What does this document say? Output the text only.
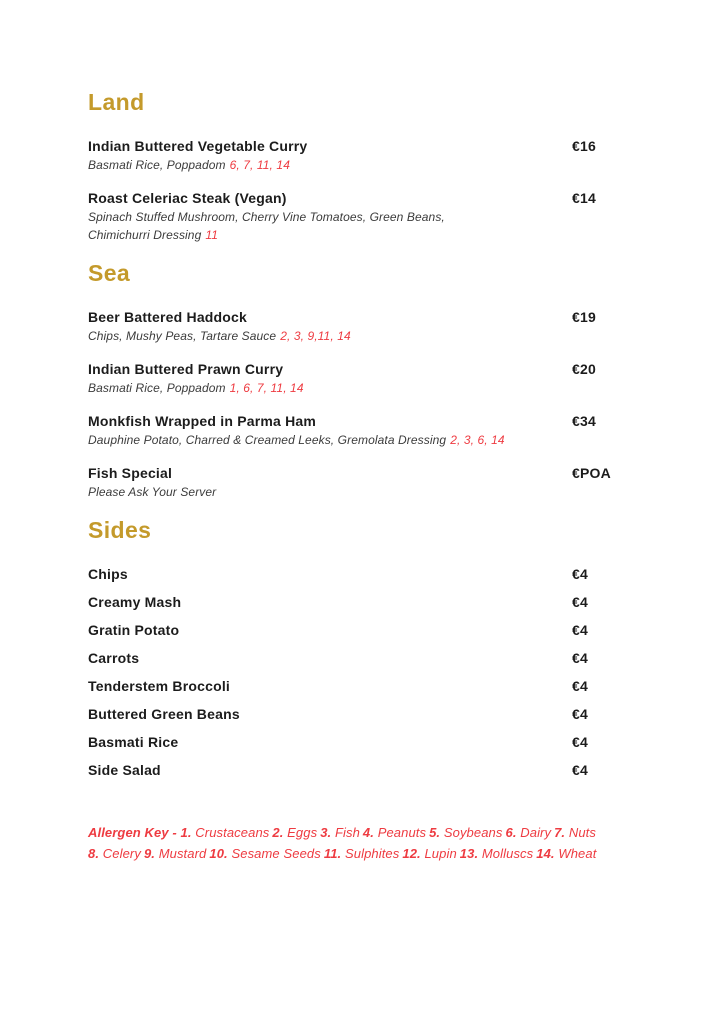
Land
Indian Buttered Vegetable Curry	€16
Basmati Rice, Poppadom 6, 7, 11, 14
Roast Celeriac Steak (Vegan)	€14
Spinach Stuffed Mushroom, Cherry Vine Tomatoes, Green Beans,
Chimichurri Dressing 11
Sea
Beer Battered Haddock	€19
Chips, Mushy Peas, Tartare Sauce 2, 3, 9,11, 14
Indian Buttered Prawn Curry	€20
Basmati Rice, Poppadom 1, 6, 7, 11, 14
Monkfish Wrapped in Parma Ham	€34
Dauphine Potato, Charred & Creamed Leeks, Gremolata Dressing 2, 3, 6, 14
Fish Special	€POA
Please Ask Your Server
Sides
Chips	€4
Creamy Mash	€4
Gratin Potato	€4
Carrots	€4
Tenderstem Broccoli	€4
Buttered Green Beans	€4
Basmati Rice	€4
Side Salad	€4
Allergen Key - 1. Crustaceans 2. Eggs 3. Fish 4. Peanuts 5. Soybeans 6. Dairy 7. Nuts
8. Celery 9. Mustard 10. Sesame Seeds 11. Sulphites 12. Lupin 13. Molluscs 14. Wheat
